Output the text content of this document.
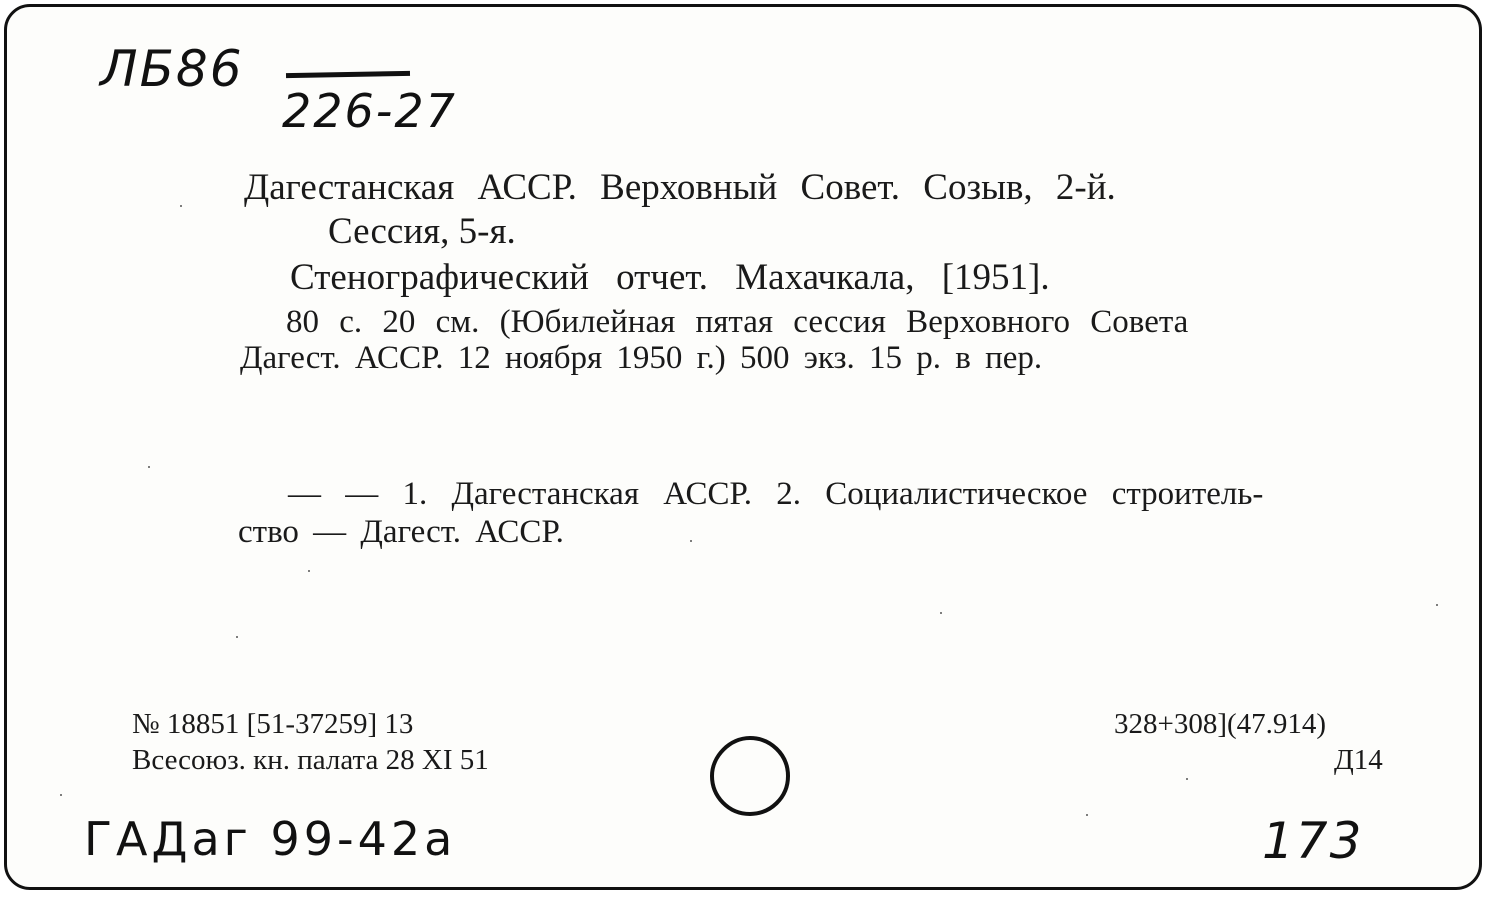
ЛБ86
226-27
Дагестанская АССР. Верховный Совет. Созыв, 2-й.
Сессия, 5-я.
Стенографический отчет. Махачкала, [1951].
80 с. 20 см. (Юбилейная пятая сессия Верховного Совета
Дагест. АССР. 12 ноября 1950 г.) 500 экз. 15 р. в пер.
— — 1. Дагестанская АССР. 2. Социалистическое строитель-
ство — Дагест. АССР.
№ 18851 [51-37259] 13
Всесоюз. кн. палата 28 XI 51
328+308](47.914)
Д14
ГАДаг 99-42а	173
